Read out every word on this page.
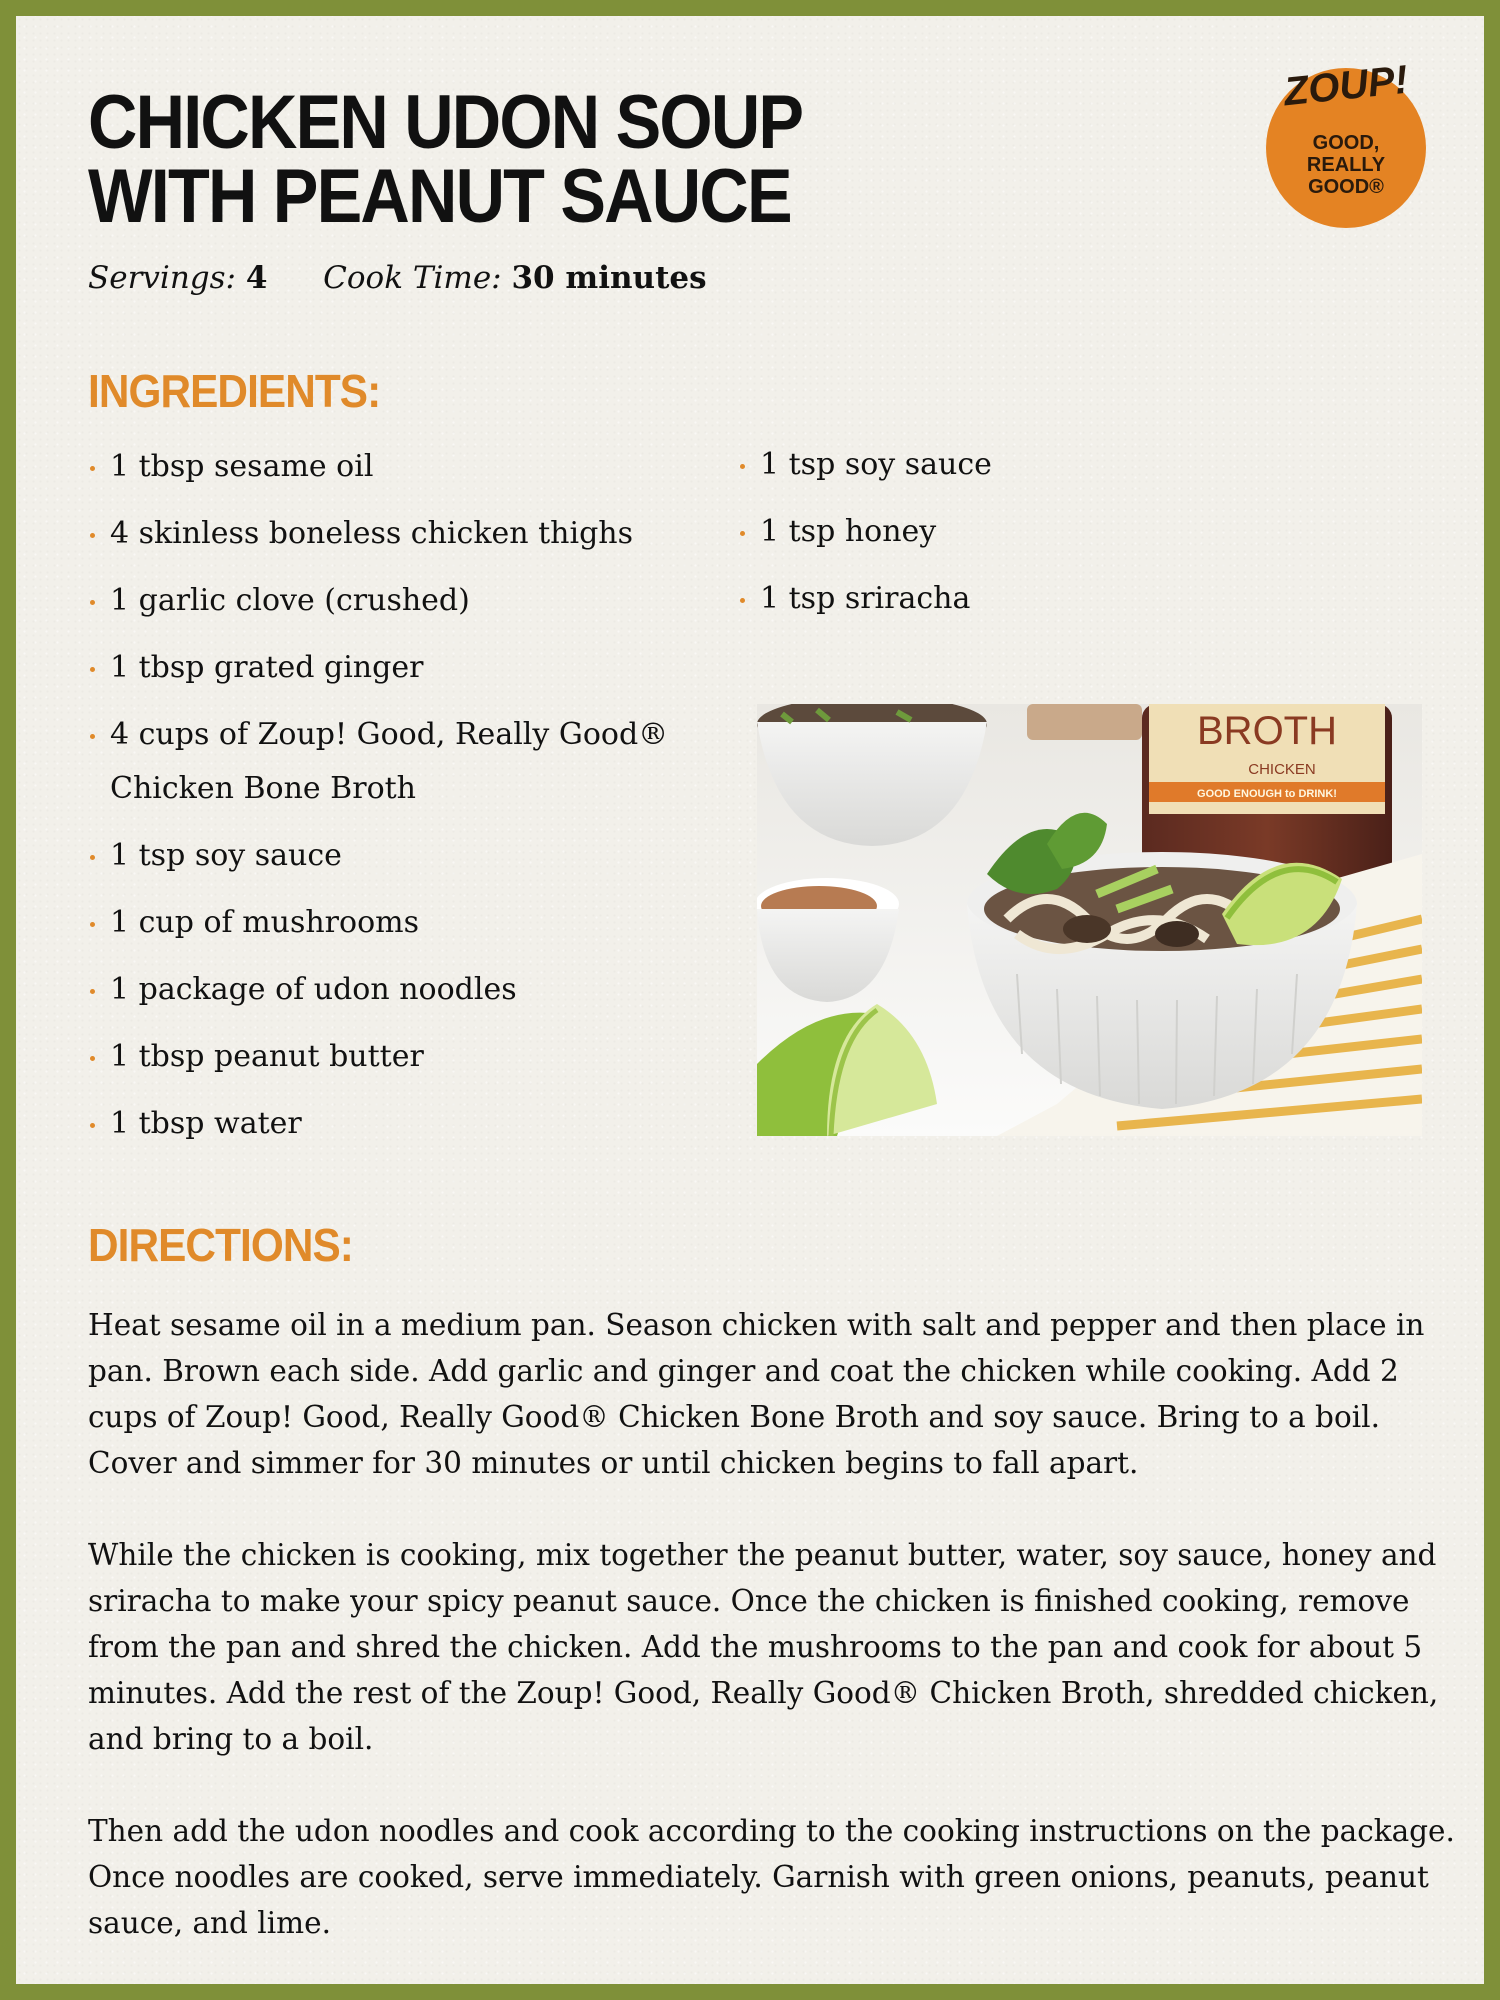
CHICKEN UDON SOUP
WITH PEANUT SAUCE
Servings: 4 Cook Time: 30 minutes
ZOUP!
GOOD,
REALLY
GOOD®
INGREDIENTS:
1 tbsp sesame oil
4 skinless boneless chicken thighs
1 garlic clove (crushed)
1 tbsp grated ginger
4 cups of Zoup! Good, Really Good® Chicken Bone Broth
1 tsp soy sauce
1 cup of mushrooms
1 package of udon noodles
1 tbsp peanut butter
1 tbsp water
1 tsp soy sauce
1 tsp honey
1 tsp sriracha
BROTH
CHICKEN
GOOD ENOUGH to DRINK!
DIRECTIONS:

Heat sesame oil in a medium pan. Season chicken with salt and pepper and then place in pan. Brown each side. Add garlic and ginger and coat the chicken while cooking. Add 2 cups of Zoup! Good, Really Good® Chicken Bone Broth and soy sauce. Bring to a boil. Cover and simmer for 30 minutes or until chicken begins to fall apart.

While the chicken is cooking, mix together the peanut butter, water, soy sauce, honey and sriracha to make your spicy peanut sauce. Once the chicken is finished cooking, remove from the pan and shred the chicken. Add the mushrooms to the pan and cook for about 5 minutes. Add the rest of the Zoup! Good, Really Good® Chicken Broth, shredded chicken, and bring to a boil.

Then add the udon noodles and cook according to the cooking instructions on the package. Once noodles are cooked, serve immediately. Garnish with green onions, peanuts, peanut sauce, and lime.
